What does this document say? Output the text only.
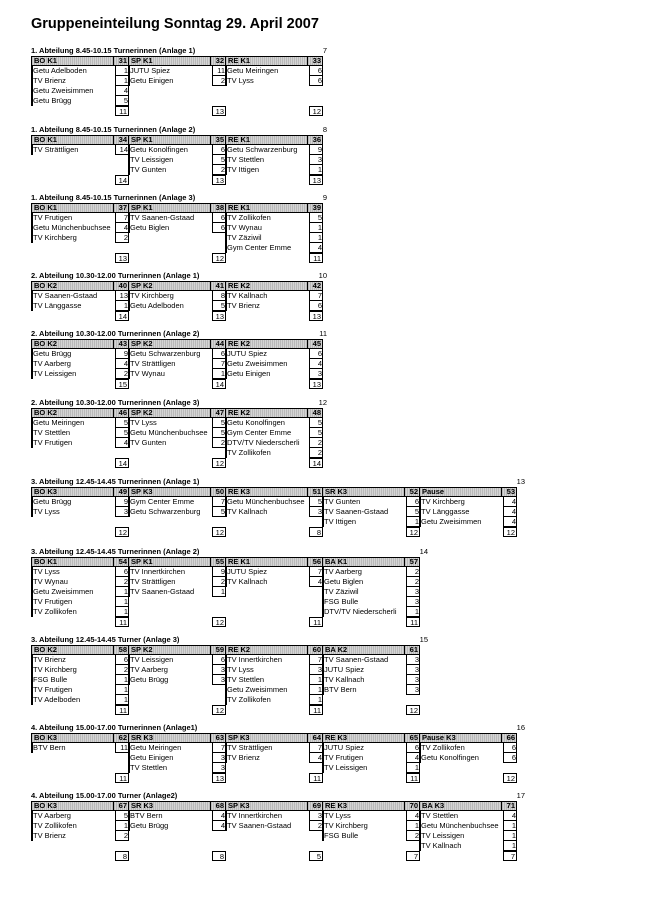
Gruppeneinteilung Sonntag 29. April 2007
1. Abteilung 8.45-10.15 Turnerinnen (Anlage 1)	7
BO K1	31
Getu Adelboden	1
TV Brienz	1
Getu Zweisimmen	4
Getu Brügg	5
11
SP K1	32
JUTU Spiez	11
Getu Einigen	2
13
RE K1	33
Getu Meiringen	6
TV Lyss	6
12
1. Abteilung 8.45-10.15 Turnerinnen (Anlage 2)	8
BO K1	34
TV Strättligen	14
14
SP K1	35
Getu Konolfingen	6
TV Leissigen	5
TV Gunten	2
13
RE K1	36
Getu Schwarzenburg	9
TV Stettlen	3
TV Ittigen	1
13
1. Abteilung 8.45-10.15 Turnerinnen (Anlage 3)	9
BO K1	37
TV Frutigen	7
Getu Münchenbuchsee	4
TV Kirchberg	2
13
SP K1	38
TV Saanen-Gstaad	6
Getu Biglen	6
12
RE K1	39
TV Zollikofen	5
TV Wynau	1
TV Zäziwil	1
Gym Center Emme	4
11
2. Abteilung 10.30-12.00 Turnerinnen (Anlage 1)	10
BO K2	40
TV Saanen-Gstaad	13
TV Länggasse	1
14
SP K2	41
TV Kirchberg	8
Getu Adelboden	5
13
RE K2	42
TV Kallnach	7
TV Brienz	6
13
2. Abteilung 10.30-12.00 Turnerinnen (Anlage 2)	11
BO K2	43
Getu Brügg	9
TV Aarberg	4
TV Leissigen	2
15
SP K2	44
Getu Schwarzenburg	6
TV Strättligen	7
TV Wynau	1
14
RE K2	45
JUTU Spiez	6
Getu Zweisimmen	4
Getu Einigen	3
13
2. Abteilung 10.30-12.00 Turnerinnen (Anlage 3)	12
BO K2	46
Getu Meiringen	5
TV Stettlen	5
TV Frutigen	4
14
SP K2	47
TV Lyss	5
Getu Münchenbuchsee	5
TV Gunten	2
12
RE K2	48
Getu Konolfingen	5
Gym Center Emme	5
DTV/TV Niederscherli	2
TV Zollikofen	2
14
3. Abteilung 12.45-14.45 Turnerinnen (Anlage 1)	13
BO K3	49
Getu Brügg	9
TV Lyss	3
12
SP K3	50
Gym Center Emme	7
Getu Schwarzenburg	5
12
RE K3	51
Getu Münchenbuchsee	5
TV Kallnach	3
8
SR K3	52
TV Gunten	6
TV Saanen-Gstaad	5
TV Ittigen	1
12
Pause	53
TV Kirchberg	4
TV Länggasse	4
Getu Zweisimmen	4
12
3. Abteilung 12.45-14.45 Turnerinnen (Anlage 2)	14
BO K1	54
TV Lyss	6
TV Wynau	2
Getu Zweisimmen	1
TV Frutigen	1
TV Zollikofen	1
11
SP K1	55
TV Innertkirchen	9
TV Strättligen	2
TV Saanen-Gstaad	1
12
RE K1	56
JUTU Spiez	7
TV Kallnach	4
11
BA K1	57
TV Aarberg	2
Getu Biglen	2
TV Zäziwil	3
FSG Bulle	3
DTV/TV Niederscherli	1
11
3. Abteilung 12.45-14.45 Turner (Anlage 3)	15
BO K2	58
TV Brienz	6
TV Kirchberg	2
FSG Bulle	1
TV Frutigen	1
TV Adelboden	1
11
SP K2	59
TV Leissigen	6
TV Aarberg	3
Getu Brügg	3
12
RE K2	60
TV Innertkirchen	7
TV Lyss	3
TV Stettlen	1
Getu Zweisimmen	1
TV Zollikofen	1
11
BA K2	61
TV Saanen-Gstaad	3
JUTU Spiez	3
TV Kallnach	3
BTV Bern	3
12
4. Abteilung 15.00-17.00 Turnerinnen (Anlage1)	16
BO K3	62
BTV Bern	11
11
SR K3	63
Getu Meiringen	7
Getu Einigen	3
TV Stettlen	3
13
SP K3	64
TV Strättligen	7
TV Brienz	4
11
RE K3	65
JUTU Spiez	6
TV Frutigen	4
TV Leissigen	1
11
Pause K3	66
TV Zollikofen	6
Getu Konolfingen	6
12
4. Abteilung 15.00-17.00 Turner (Anlage2)	17
BO K3	67
TV Aarberg	5
TV Zollikofen	1
TV Brienz	2
8
SR K3	68
BTV Bern	4
Getu Brügg	4
8
SP K3	69
TV Innertkirchen	3
TV Saanen-Gstaad	2
5
RE K3	70
TV Lyss	4
TV Kirchberg	1
FSG Bulle	2
7
BA K3	71
TV Stettlen	4
Getu Münchenbuchsee	1
TV Leissigen	1
TV Kallnach	1
7
